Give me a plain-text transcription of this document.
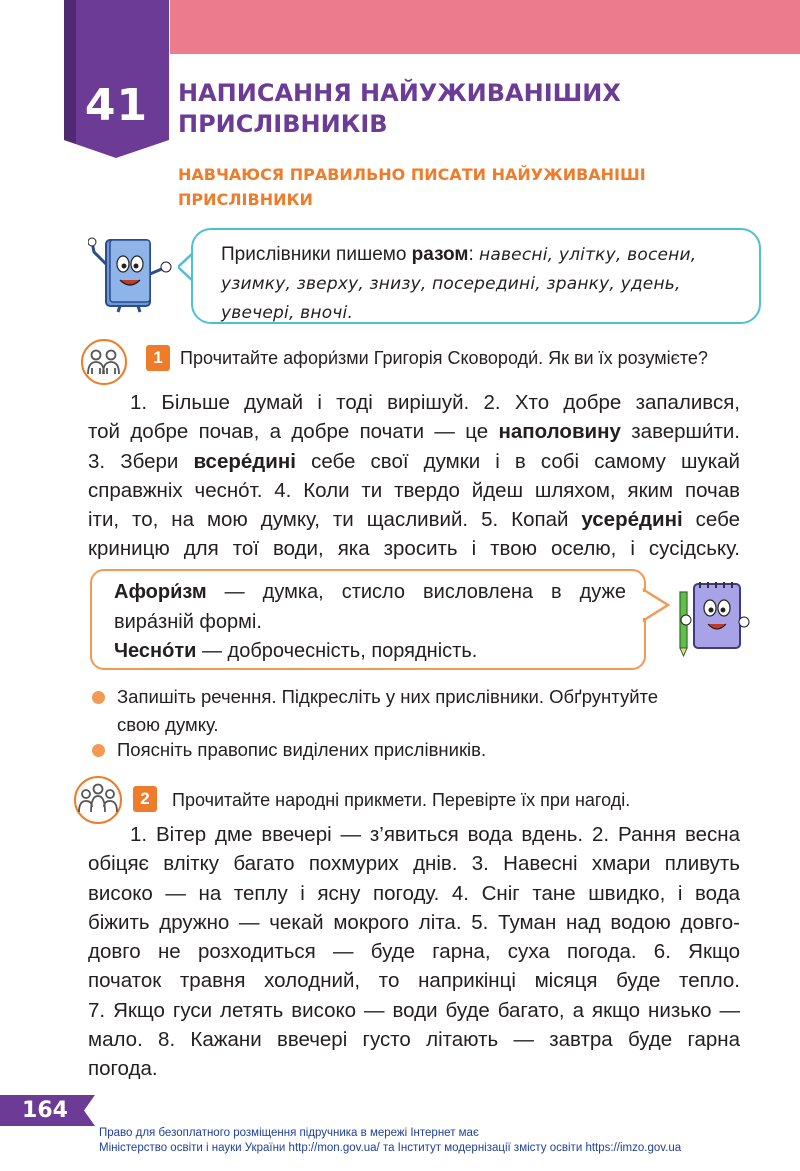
41	НАПИСАННЯ НАЙУЖИВАНІШИХ
ПРИСЛІВНИКІВ
НАВЧАЮСЯ ПРАВИЛЬНО ПИСАТИ НАЙУЖИВАНІШІ
ПРИСЛІВНИКИ
Прислівники пишемо разом: навесні, улітку, восени,
узимку, зверху, знизу, посередині, зранку, удень,
увечері, вночі.
1 Прочитайте афори́зми Григорія Сковороди́. Як ви їх розумієте?
1. Більше думай і тоді вирішуй. 2. Хто добре запалився,
той добре почав, а добре почати — це наполовину заверши́ти.
3. Збери всере́дині себе свої думки і в собі самому шукай
справжніх чесно́т. 4. Коли ти твердо йдеш шляхом, яким почав
іти, то, на мою думку, ти щасливий. 5. Копай усере́дині себе
криницю для тої води, яка зросить і твою оселю, і сусідську.
Афори́зм — думка, стисло висловлена в дуже
вира́зній формі.
Чесно́ти — доброчесність, порядність.
Запишіть речення. Підкресліть у них прислівники. Обґрунтуйте
свою думку.
Поясніть правопис виділених прислівників.
2	Прочитайте народні прикмети. Перевірте їх при нагоді.
1. Вітер дме ввечері — з’явиться вода вдень. 2. Рання весна
обіцяє влітку багато похмурих днів. 3. Навесні хмари пливуть
високо — на теплу і ясну погоду. 4. Сніг тане швидко, і вода
біжить дружно — чекай мокрого літа. 5. Туман над водою довго-
довго не розходиться — буде гарна, суха погода. 6. Якщо
початок травня холодний, то наприкінці місяця буде тепло.
7. Якщо гуси летять високо — води буде багато, а якщо низько —
мало. 8. Кажани ввечері густо літають — завтра буде гарна
погода.
164
Право для безоплатного розміщення підручника в мережі Інтернет має
Міністерство освіти і науки України http://mon.gov.ua/ та Інститут модернізації змісту освіти https://imzo.gov.ua
